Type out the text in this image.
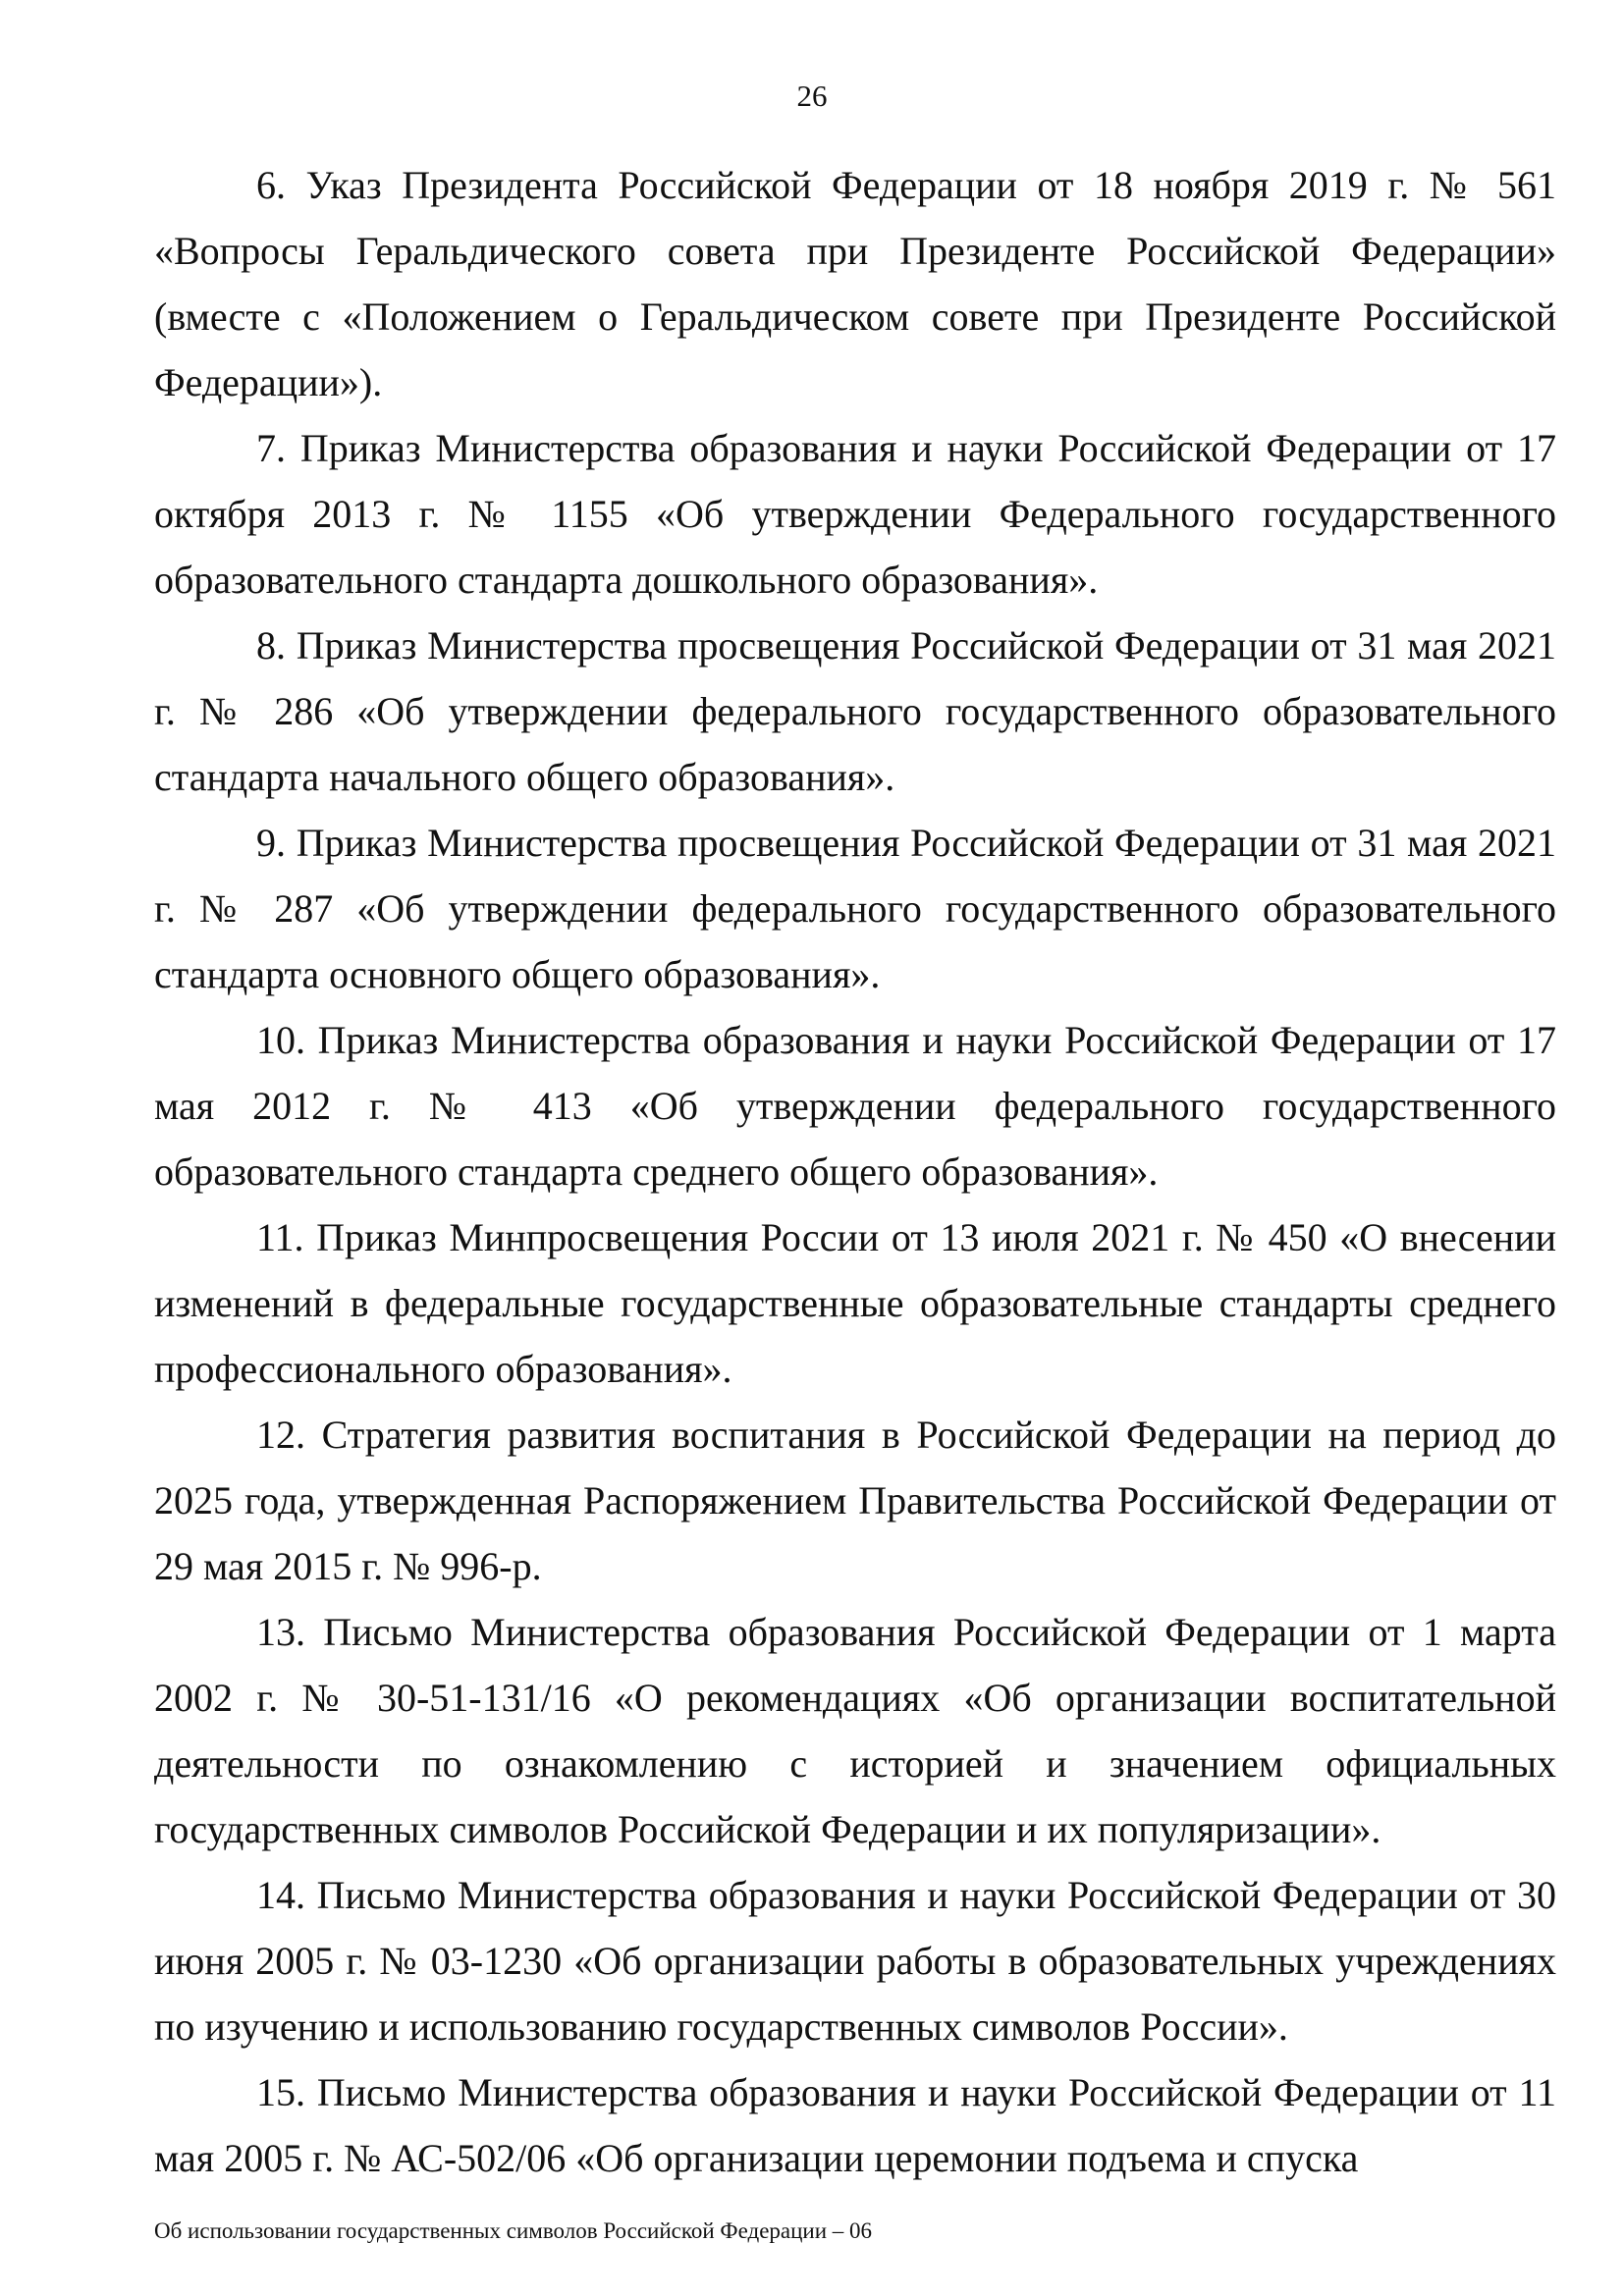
26

6. Указ Президента Российской Федерации от 18 ноября 2019 г. № 561 «Вопросы Геральдического совета при Президенте Российской Федерации» (вместе с «Положением о Геральдическом совете при Президенте Российской Федерации»).

7. Приказ Министерства образования и науки Российской Федерации от 17 октября 2013 г. № 1155 «Об утверждении Федерального государственного образовательного стандарта дошкольного образования».

8. Приказ Министерства просвещения Российской Федерации от 31 мая 2021 г. № 286 «Об утверждении федерального государственного образовательного стандарта начального общего образования».

9. Приказ Министерства просвещения Российской Федерации от 31 мая 2021 г. № 287 «Об утверждении федерального государственного образовательного стандарта основного общего образования».

10. Приказ Министерства образования и науки Российской Федерации от 17 мая 2012 г. № 413 «Об утверждении федерального государственного образовательного стандарта среднего общего образования».

11. Приказ Минпросвещения России от 13 июля 2021 г. № 450 «О внесении изменений в федеральные государственные образовательные стандарты среднего профессионального образования».

12. Стратегия развития воспитания в Российской Федерации на период до 2025 года, утвержденная Распоряжением Правительства Российской Федерации от 29 мая 2015 г. № 996-р.

13. Письмо Министерства образования Российской Федерации от 1 марта 2002 г. № 30-51-131/16 «О рекомендациях «Об организации воспитательной деятельности по ознакомлению с историей и значением официальных государственных символов Российской Федерации и их популяризации».

14. Письмо Министерства образования и науки Российской Федерации от 30 июня 2005 г. № 03-1230 «Об организации работы в образовательных учреждениях по изучению и использованию государственных символов России».

15. Письмо Министерства образования и науки Российской Федерации от 11 мая 2005 г. № АС-502/06 «Об организации церемонии подъема и спуска

Об использовании государственных символов Российской Федерации – 06
